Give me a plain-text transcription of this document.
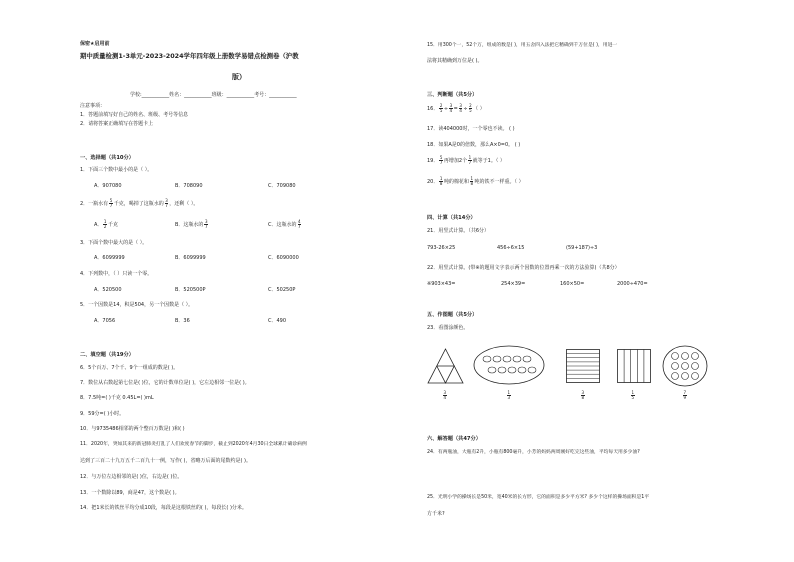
保密★启用前
期中质量检测1-3单元-2023-2024学年四年级上册数学易错点检测卷（沪教
版）
学校:___________姓名：___________班级：___________考号：___________
注意事项：
1．答题前填写好自己的姓名、班级、考号等信息
2．请将答案正确填写在答题卡上
一、选择题（共10分）
1．下面三个数中最小的是（ ）。
A．907080	B．708090	C．709080
2．一瓶水有 $\frac{5}{7}$ 千克，喝掉了这瓶水的 $\frac{3}{7}$ ，还剩（ ）。
A． $\frac{1}{2}$ 千克	B．这瓶水的 $\frac{3}{7}$	C．这瓶水的 $\frac{4}{7}$
3．下面个数中最大的是（ ）。
A．6099999	B．6099999	C．6090000
4．下列数中，（ ）只读一个零。
A．520500	B．520500P	C．50250P
5．一个因数是14，积是504，另一个因数是（ ）。
A．7056	B．36	C．490
二、填空题（共19分）
6．5个百万、7个千、9个一组成的数是( )。
7．数位从右数起第七位是( )位，它的计数单位是( )，它左边相邻一位是( )。
8．7.5吨=( )千克 0.45L=( )mL
9．59分=( )小时。
10．与9735486相邻的两个整百万数是( )和( )
11．2020年，突如其来的新冠肺炎打乱了人们欢度春节的脚步，截止到2020年4月30日全球累计确诊病例
达到了三百二十九万五千二百九十一例，写作( )，省略万后面的尾数约是( )。
12．与万位左边相邻的是( )位，右边是( )位。
13．一个数除以89，商是47，这个数是( )。
14．把1米长的铁丝平均分成10段，每段是这根铁丝的( )，每段长( )分米。
15．用300个一，52个万，组成的数是( )，用五舍四入法把它精确到千万位是( )，用进一
法将其精确到万位是( )。
三、判断题（共5分）
16． $\frac{2}{5} \div \frac{3}{4} = \frac{3}{4} \div \frac{2}{5}$ （ ）
17．读404000时，一个零也不读。 ( )
18．如果A是0的倍数，那么A×0=0。 ( )
19． $\frac{5}{7}$ 再增加2个 $\frac{1}{7}$ 就等于1。（ ）
20． $\frac{1}{8}$ 吨的棉花和 $\frac{1}{8}$ 吨的铁不一样重。（ ）
四、计算（共14分）
21．用竖式计算。（共6分）
793-26×25	456÷6×15	(59+187)÷3
22．用竖式计算。(带※的题用文字表示两个因数的位置再乘一次的方法验算)（共8分）
※903×43=	254×39=	160×50=	2000÷470=
五、作图题（共5分）
23．看图涂颜色。
$\frac{3}{4}$	$\frac{1}{3}$	$\frac{3}{8}$	$\frac{1}{5}$	$\frac{7}{9}$
六、解答题（共47分）
24．有两瓶油，大瓶有2升，小瓶有800毫升，小芳的妈妈两周刚好吃完这些油，平均每天用多少油?
25．光明小学的操场长是50米，宽40米的长方形，它的面积是多少平方米? 多少个这样的操场面积是1平
方千米?
